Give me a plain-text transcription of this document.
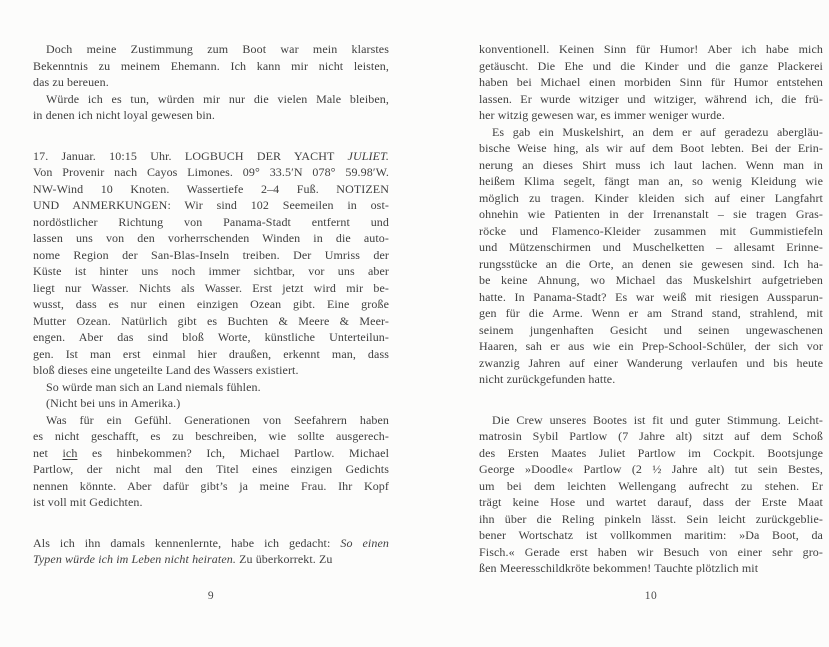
Doch meine Zustimmung zum Boot war mein klarstes
Bekenntnis zu meinem Ehemann. Ich kann mir nicht leisten,
das zu bereuen.
Würde ich es tun, würden mir nur die vielen Male bleiben,
in denen ich nicht loyal gewesen bin.
17. Januar. 10:15 Uhr. LOGBUCH DER YACHT JULIET.
Von Provenir nach Cayos Limones. 09° 33.5′N 078° 59.98′W.
NW-Wind 10 Knoten. Wassertiefe 2–4 Fuß. NOTIZEN
UND ANMERKUNGEN: Wir sind 102 Seemeilen in ost-
nordöstlicher Richtung von Panama-Stadt entfernt und
lassen uns von den vorherrschenden Winden in die auto-
nome Region der San-Blas-Inseln treiben. Der Umriss der
Küste ist hinter uns noch immer sichtbar, vor uns aber
liegt nur Wasser. Nichts als Wasser. Erst jetzt wird mir be-
wusst, dass es nur einen einzigen Ozean gibt. Eine große
Mutter Ozean. Natürlich gibt es Buchten & Meere & Meer-
engen. Aber das sind bloß Worte, künstliche Unterteilun-
gen. Ist man erst einmal hier draußen, erkennt man, dass
bloß dieses eine ungeteilte Land des Wassers existiert.
So würde man sich an Land niemals fühlen.
(Nicht bei uns in Amerika.)
Was für ein Gefühl. Generationen von Seefahrern haben
es nicht geschafft, es zu beschreiben, wie sollte ausgerech-
net ich es hinbekommen? Ich, Michael Partlow. Michael
Partlow, der nicht mal den Titel eines einzigen Gedichts
nennen könnte. Aber dafür gibt’s ja meine Frau. Ihr Kopf
ist voll mit Gedichten.
Als ich ihn damals kennenlernte, habe ich gedacht: So einen
Typen würde ich im Leben nicht heiraten. Zu überkorrekt. Zu
konventionell. Keinen Sinn für Humor! Aber ich habe mich
getäuscht. Die Ehe und die Kinder und die ganze Plackerei
haben bei Michael einen morbiden Sinn für Humor entstehen
lassen. Er wurde witziger und witziger, während ich, die frü-
her witzig gewesen war, es immer weniger wurde.
Es gab ein Muskelshirt, an dem er auf geradezu abergläu-
bische Weise hing, als wir auf dem Boot lebten. Bei der Erin-
nerung an dieses Shirt muss ich laut lachen. Wenn man in
heißem Klima segelt, fängt man an, so wenig Kleidung wie
möglich zu tragen. Kinder kleiden sich auf einer Langfahrt
ohnehin wie Patienten in der Irrenanstalt – sie tragen Gras-
röcke und Flamenco-Kleider zusammen mit Gummistiefeln
und Mützenschirmen und Muschelketten – allesamt Erinne-
rungsstücke an die Orte, an denen sie gewesen sind. Ich ha-
be keine Ahnung, wo Michael das Muskelshirt aufgetrieben
hatte. In Panama-Stadt? Es war weiß mit riesigen Aussparun-
gen für die Arme. Wenn er am Strand stand, strahlend, mit
seinem jungenhaften Gesicht und seinen ungewaschenen
Haaren, sah er aus wie ein Prep-School-Schüler, der sich vor
zwanzig Jahren auf einer Wanderung verlaufen und bis heute
nicht zurückgefunden hatte.
Die Crew unseres Bootes ist fit und guter Stimmung. Leicht-
matrosin Sybil Partlow (7 Jahre alt) sitzt auf dem Schoß
des Ersten Maates Juliet Partlow im Cockpit. Bootsjunge
George »Doodle« Partlow (2 ½ Jahre alt) tut sein Bestes,
um bei dem leichten Wellengang aufrecht zu stehen. Er
trägt keine Hose und wartet darauf, dass der Erste Maat
ihn über die Reling pinkeln lässt. Sein leicht zurückgeblie-
bener Wortschatz ist vollkommen maritim: »Da Boot, da
Fisch.« Gerade erst haben wir Besuch von einer sehr gro-
ßen Meeresschildkröte bekommen! Tauchte plötzlich mit
9	10
